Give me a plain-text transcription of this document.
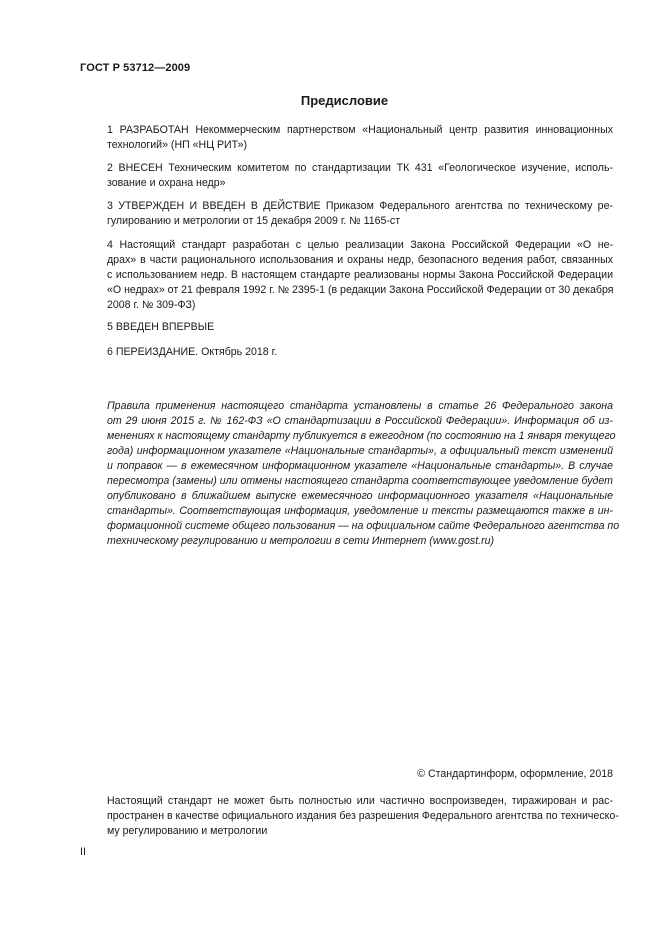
ГОСТ Р 53712—2009
Предисловие
1 РАЗРАБОТАН Некоммерческим партнерством «Национальный центр развития инновационных
технологий» (НП «НЦ РИТ»)
2 ВНЕСЕН Техническим комитетом по стандартизации ТК 431 «Геологическое изучение, исполь-
зование и охрана недр»
3 УТВЕРЖДЕН И ВВЕДЕН В ДЕЙСТВИЕ Приказом Федерального агентства по техническому ре-
гулированию и метрологии от 15 декабря 2009 г. № 1165-ст
4 Настоящий стандарт разработан с целью реализации Закона Российской Федерации «О не-
драх» в части рационального использования и охраны недр, безопасного ведения работ, связанных
с использованием недр. В настоящем стандарте реализованы нормы Закона Российской Федерации
«О недрах» от 21 февраля 1992 г. № 2395-1 (в редакции Закона Российской Федерации от 30 декабря
2008 г. № 309-ФЗ)
5 ВВЕДЕН ВПЕРВЫЕ
6 ПЕРЕИЗДАНИЕ. Октябрь 2018 г.
Правила применения настоящего стандарта установлены в статье 26 Федерального закона
от 29 июня 2015 г. № 162-ФЗ «О стандартизации в Российской Федерации». Информация об из-
менениях к настоящему стандарту публикуется в ежегодном (по состоянию на 1 января текущего
года) информационном указателе «Национальные стандарты», а официальный текст изменений
и поправок — в ежемесячном информационном указателе «Национальные стандарты». В случае
пересмотра (замены) или отмены настоящего стандарта соответствующее уведомление будет
опубликовано в ближайшем выпуске ежемесячного информационного указателя «Национальные
стандарты». Соответствующая информация, уведомление и тексты размещаются также в ин-
формационной системе общего пользования — на официальном сайте Федерального агентства по
техническому регулированию и метрологии в сети Интернет (www.gost.ru)
© Стандартинформ, оформление, 2018
Настоящий стандарт не может быть полностью или частично воспроизведен, тиражирован и рас-
пространен в качестве официального издания без разрешения Федерального агентства по техническо-
му регулированию и метрологии
II
